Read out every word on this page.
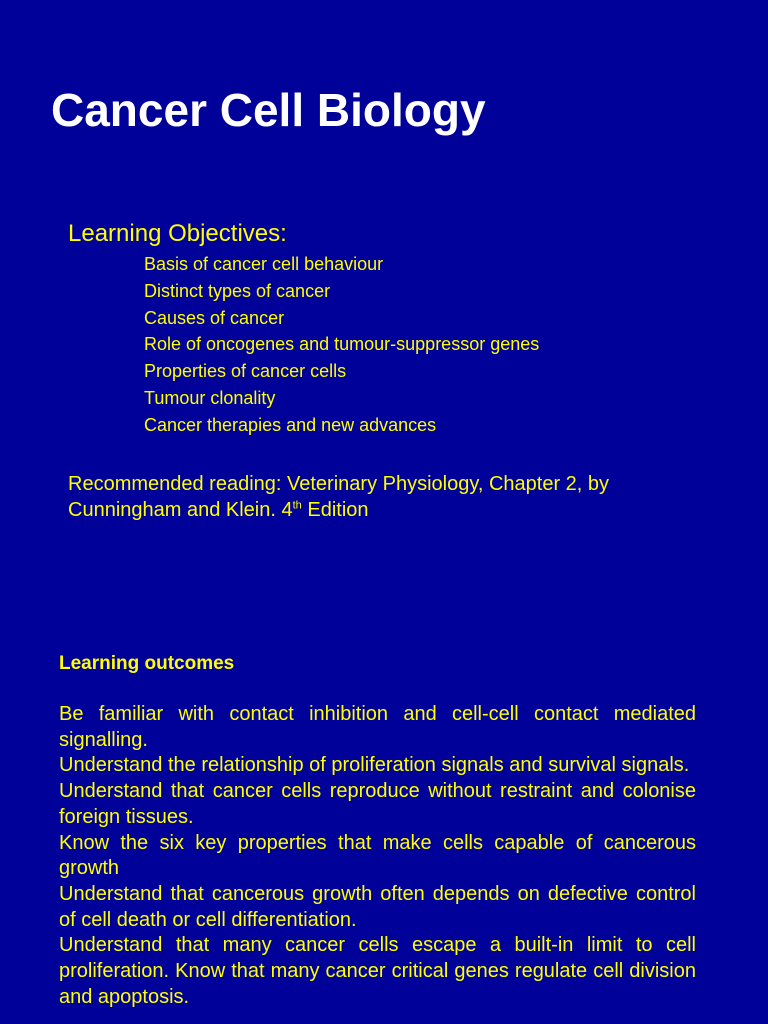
Cancer Cell Biology
Learning Objectives:
Basis of cancer cell behaviour
Distinct types of cancer
Causes of cancer
Role of oncogenes and tumour-suppressor genes
Properties of cancer cells
Tumour clonality
Cancer therapies and new advances

Recommended reading: Veterinary Physiology, Chapter 2, by Cunningham and Klein. 4th Edition

Learning outcomes
Be familiar with contact inhibition and cell-cell contact mediated signalling.
Understand the relationship of proliferation signals and survival signals.
Understand that cancer cells reproduce without restraint and colonise foreign tissues.
Know the six key properties that make cells capable of cancerous growth
Understand that cancerous growth often depends on defective control of cell death or cell differentiation.
Understand that many cancer cells escape a built-in limit to cell proliferation. Know that many cancer critical genes regulate cell division and apoptosis.
